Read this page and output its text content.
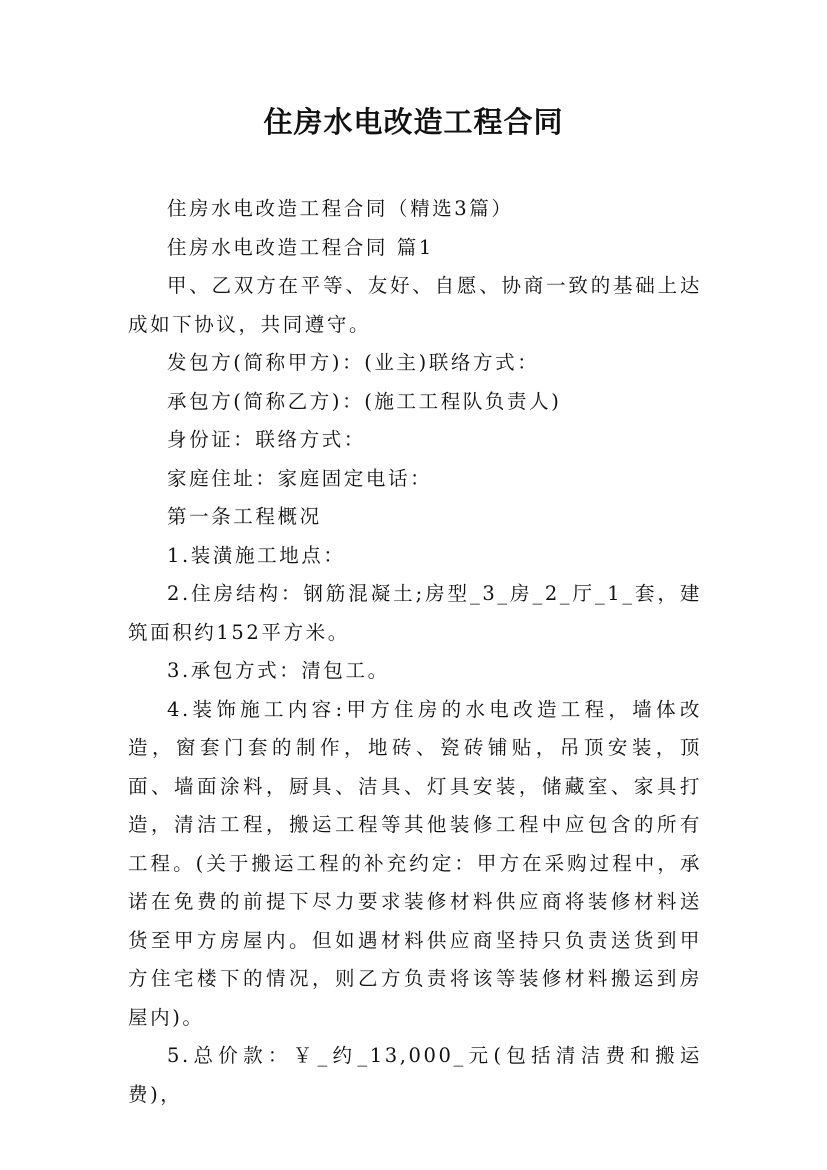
住房水电改造工程合同

住房水电改造工程合同（精选3篇）

住房水电改造工程合同 篇1

甲、乙双方在平等、友好、自愿、协商一致的基础上达成如下协议，共同遵守。

发包方(简称甲方)：(业主)联络方式：

承包方(简称乙方)：(施工工程队负责人)

身份证：联络方式：

家庭住址：家庭固定电话：

第一条工程概况

1.装潢施工地点：

2.住房结构：钢筋混凝土;房型_3_房_2_厅_1_套，建筑面积约152平方米。

3.承包方式：清包工。

4.装饰施工内容:甲方住房的水电改造工程，墙体改造，窗套门套的制作，地砖、瓷砖铺贴，吊顶安装，顶面、墙面涂料，厨具、洁具、灯具安装，储藏室、家具打造，清洁工程，搬运工程等其他装修工程中应包含的所有工程。(关于搬运工程的补充约定：甲方在采购过程中，承诺在免费的前提下尽力要求装修材料供应商将装修材料送货至甲方房屋内。但如遇材料供应商坚持只负责送货到甲方住宅楼下的情况，则乙方负责将该等装修材料搬运到房屋内)。

5.总价款：￥_约_13,000_元(包括清洁费和搬运费)，
